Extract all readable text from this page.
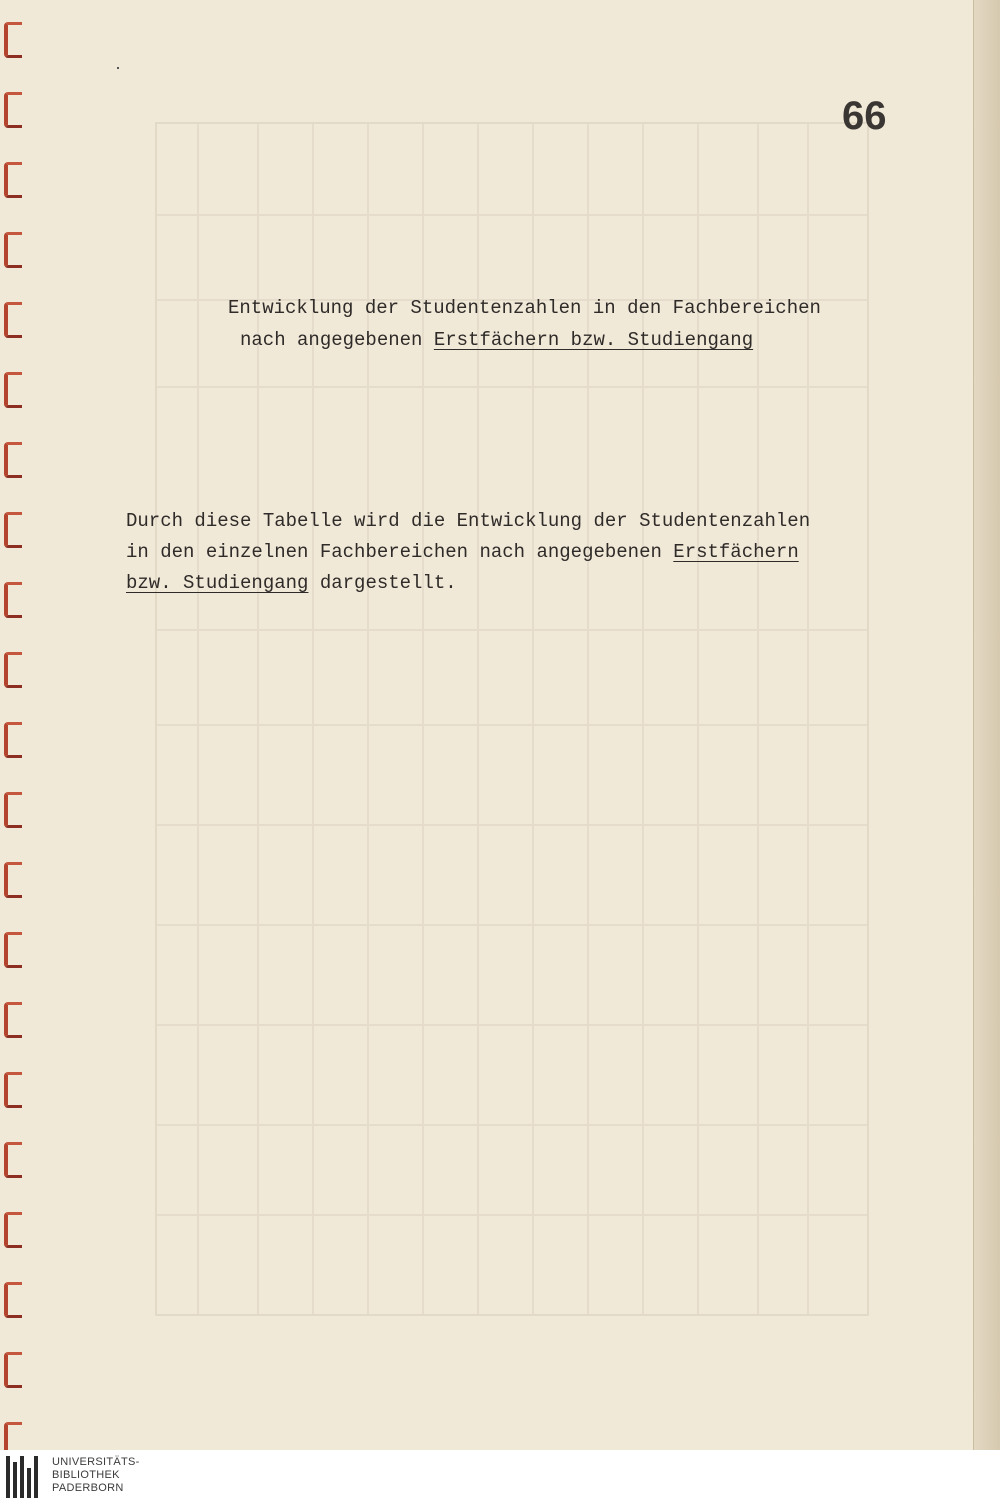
66
Entwicklung der Studentenzahlen in den Fachbereichen
nach angegebenen Erstfächern bzw. Studiengang
Durch diese Tabelle wird die Entwicklung der Studentenzahlen
in den einzelnen Fachbereichen nach angegebenen Erstfächern
bzw. Studiengang dargestellt.
UNIVERSITÄTS-
BIBLIOTHEK
PADERBORN
